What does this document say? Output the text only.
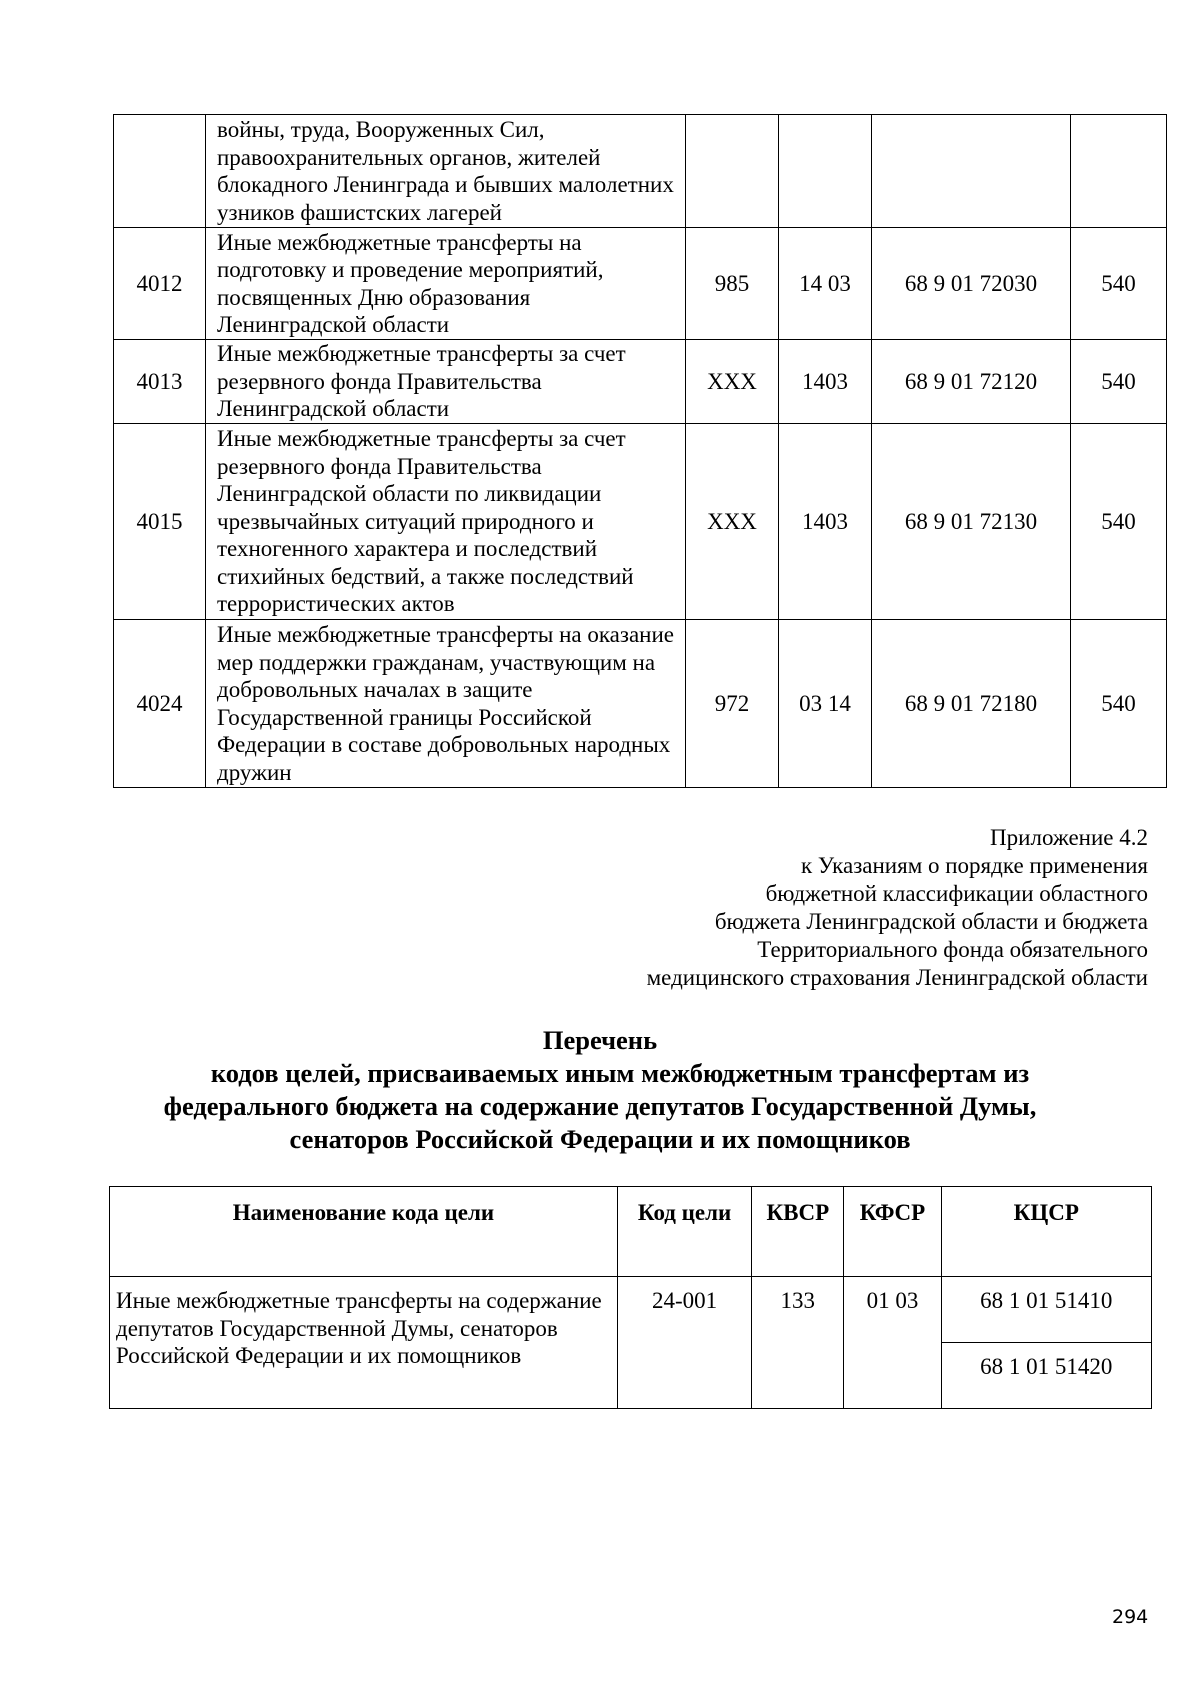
	войны, труда, Вооруженных Сил, правоохранительных органов, жителей блокадного Ленинграда и бывших малолетних узников фашистских лагерей				
4012	Иные межбюджетные трансферты на подготовку и проведение мероприятий, посвященных Дню образования Ленинградской области	985	14 03	68 9 01 72030	540
4013	Иные межбюджетные трансферты за счет резервного фонда Правительства Ленинградской области	ХХХ	1403	68 9 01 72120	540
4015	Иные межбюджетные трансферты за счет резервного фонда Правительства Ленинградской области по ликвидации чрезвычайных ситуаций природного и техногенного характера и последствий стихийных бедствий, а также последствий террористических актов	ХХХ	1403	68 9 01 72130	540
4024	Иные межбюджетные трансферты на оказание мер поддержки гражданам, участвующим на добровольных началах в защите Государственной границы Российской Федерации в составе добровольных народных дружин	972	03 14	68 9 01 72180	540
Приложение 4.2
к Указаниям о порядке применения
бюджетной классификации областного
бюджета Ленинградской области и бюджета
Территориального фонда обязательного
медицинского страхования Ленинградской области
Перечень
кодов целей, присваиваемых иным межбюджетным трансфертам из
федерального бюджета на содержание депутатов Государственной Думы,
сенаторов Российской Федерации и их помощников
Наименование кода цели	Код цели	КВСР	КФСР	КЦСР
Иные межбюджетные трансферты на содержание депутатов Государственной Думы, сенаторов Российской Федерации и их помощников	24-001	133	01 03	68 1 01 51410
				68 1 01 51420
294
